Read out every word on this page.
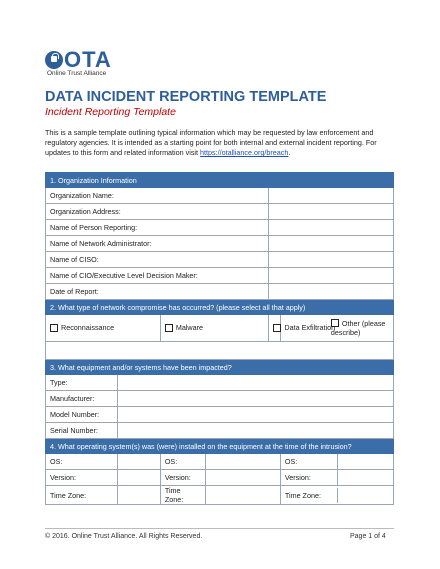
OTA
Online Trust Alliance
DATA INCIDENT REPORTING TEMPLATE
Incident Reporting Template
This is a sample template outlining typical information which may be requested by law enforcement and regulatory agencies. It is intended as a starting point for both internal and external incident reporting. For updates to this form and related information visit https://otalliance.org/breach.
1. Organization Information					
Organization Name:					
Organization Address:					
Name of Person Reporting:					
Name of Network Administrator:					
Name of CISO:					
Name of CIO/Executive Level Decision Maker:					
Date of Report:					
2. What type of network compromise has occurred? (please select all that apply)					
Reconnaissance		Malware		Data Exfiltration	Other (please describe)

3. What equipment and/or systems have been impacted?					
Type:					
Manufacturer:					
Model Number:					
Serial Number:					
4. What operating system(s) was (were) installed on the equipment at the time of the intrusion?					
OS:		OS:			OS:

Version:		Version:			Version:

Time Zone:		Time Zone:			Time Zone:
© 2016. Online Trust Alliance. All Rights Reserved.	Page 1 of 4
